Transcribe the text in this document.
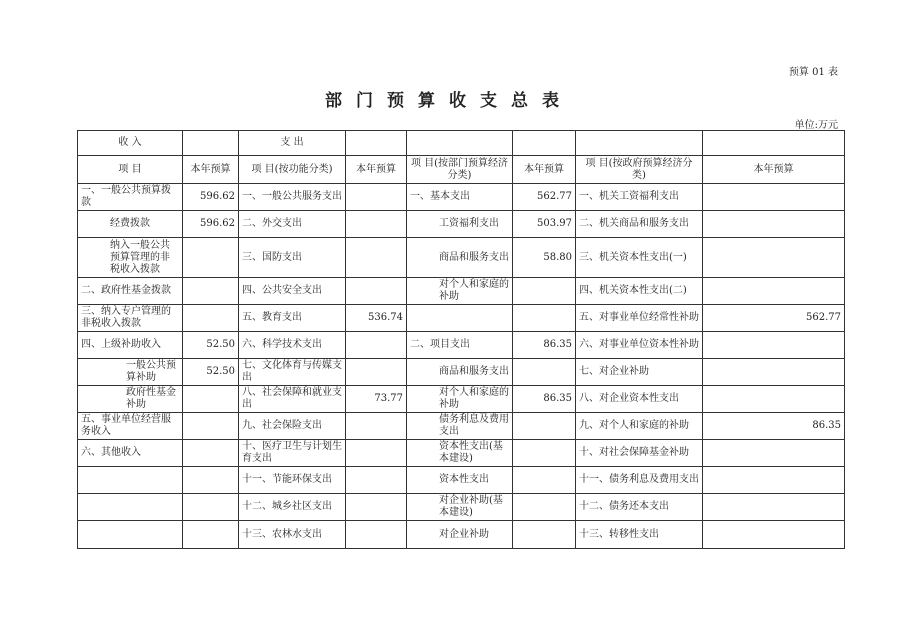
预算 01 表
部门预算收支总表
单位:万元
收 入		支 出					
项 目	本年预算	项 目(按功能分类)	本年预算	项 目(按部门预算经济分类)	本年预算	项 目(按政府预算经济分类)	本年预算
一、一般公共预算拨款	596.62	一、一般公共服务支出		一、基本支出	562.77	一、机关工资福利支出	
经费拨款	596.62	二、外交支出		工资福利支出	503.97	二、机关商品和服务支出	
纳入一般公共预算管理的非税收入拨款		三、国防支出		商品和服务支出	58.80	三、机关资本性支出(一)	
二、政府性基金拨款		四、公共安全支出		对个人和家庭的补助		四、机关资本性支出(二)	
三、纳入专户管理的非税收入拨款		五、教育支出	536.74			五、对事业单位经常性补助	562.77
四、上级补助收入	52.50	六、科学技术支出		二、项目支出	86.35	六、对事业单位资本性补助	
一般公共预算补助	52.50	七、文化体育与传媒支出		商品和服务支出		七、对企业补助	
政府性基金补助		八、社会保障和就业支出	73.77	对个人和家庭的补助	86.35	八、对企业资本性支出	
五、事业单位经营服务收入		九、社会保险支出		债务利息及费用支出		九、对个人和家庭的补助	86.35
六、其他收入		十、医疗卫生与计划生育支出		资本性支出(基本建设)		十、对社会保障基金补助	
		十一、节能环保支出		资本性支出		十一、债务利息及费用支出	
		十二、城乡社区支出		对企业补助(基本建设)		十二、债务还本支出	
		十三、农林水支出		对企业补助		十三、转移性支出	
